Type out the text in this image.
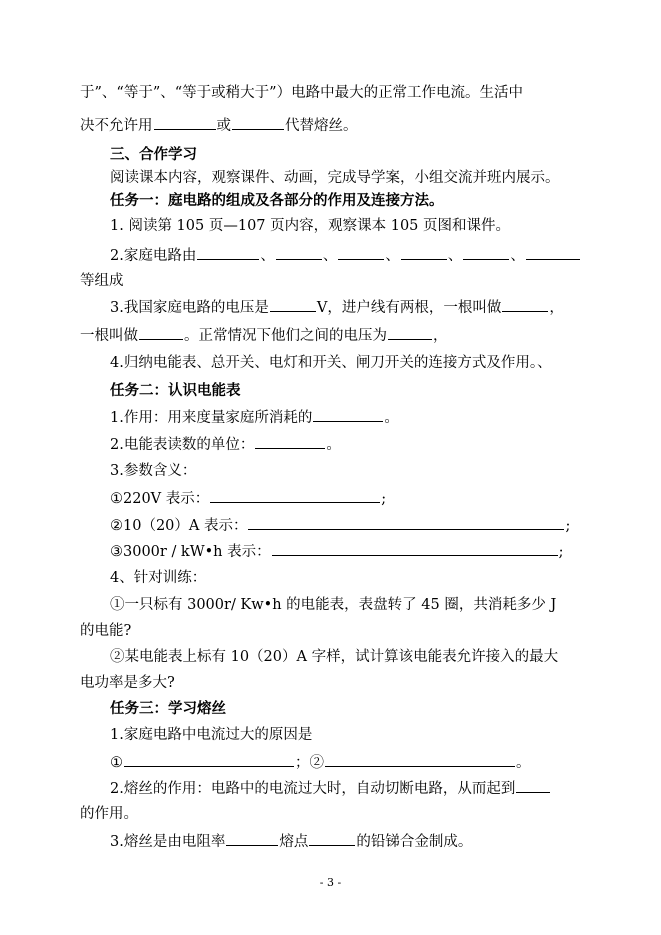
于”、“等于”、“等于或稍大于”）电路中最大的正常工作电流。生活中
决不允许用	或	代替熔丝。
三、合作学习
阅读课本内容，观察课件、动画，完成导学案，小组交流并班内展示。
任务一：庭电路的组成及各部分的作用及连接方法。
1. 阅读第 105 页—107 页内容，观察课本 105 页图和课件。
2.家庭电路由	、	、	、	、	、
等组成
3.我国家庭电路的电压是	V，进户线有两根，一根叫做	，
一根叫做	。正常情况下他们之间的电压为	，
4.归纳电能表、总开关、电灯和开关、闸刀开关的连接方式及作用。、
任务二：认识电能表
1.作用：用来度量家庭所消耗的	。
2.电能表读数的单位：	。
3.参数含义：
①220V 表示：	;
②10（20）A 表示：	;
③3000r / kW•h 表示：	;
4、针对训练：
①一只标有 3000r/ Kw•h 的电能表，表盘转了 45 圈，共消耗多少 J
的电能?
②某电能表上标有 10（20）A 字样，试计算该电能表允许接入的最大
电功率是多大?
任务三：学习熔丝
1.家庭电路中电流过大的原因是
①	；②	。
2.熔丝的作用：电路中的电流过大时，自动切断电路，从而起到
的作用。
3.熔丝是由电阻率	熔点	的铅锑合金制成。
- 3 -
